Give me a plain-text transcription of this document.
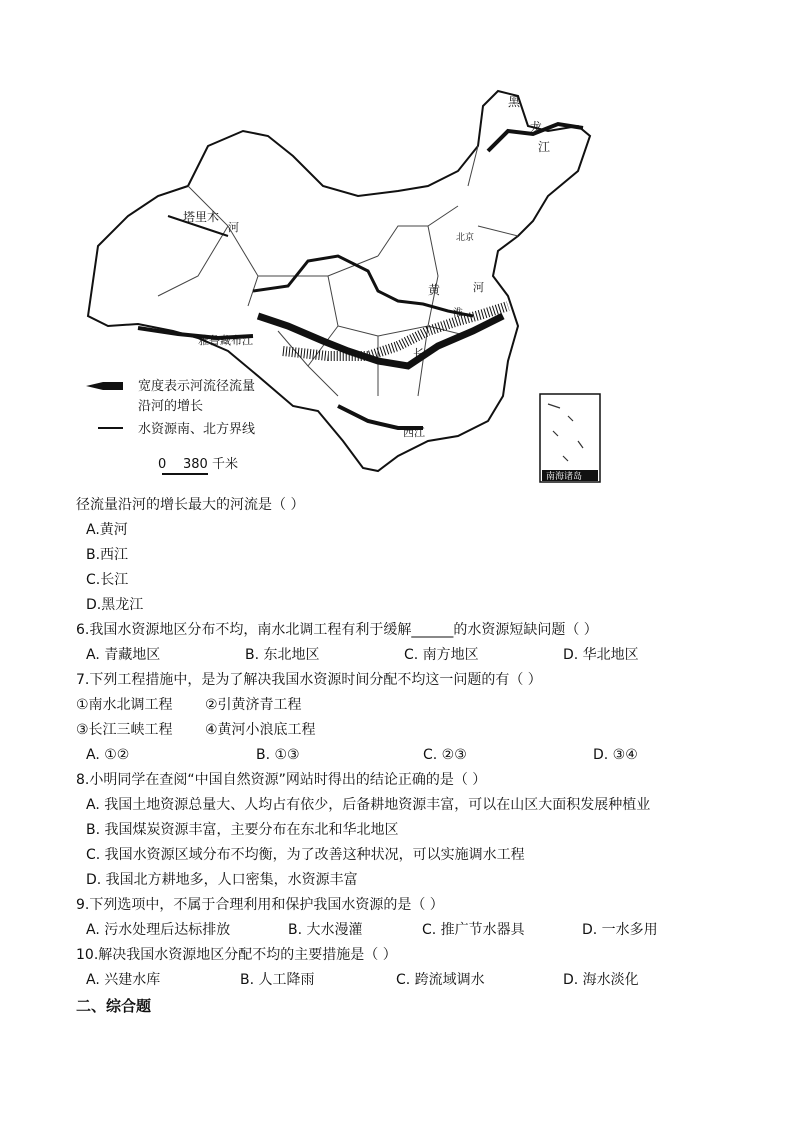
黑
龙
江
塔里木
河
雅鲁藏布江
黄	河
淮
长
西江
北京
宽度表示河流径流量
沿河的增长
水资源南、北方界线
0 380 千米
南海诸岛
径流量沿河的增长最大的河流是（ ）
A.黄河
B.西江
C.长江
D.黑龙江
6.我国水资源地区分布不均，南水北调工程有利于缓解______的水资源短缺问题（ ）
A. 青藏地区	B. 东北地区	C. 南方地区	D. 华北地区
7.下列工程措施中，是为了解决我国水资源时间分配不均这一问题的有（ ）
①南水北调工程 ②引黄济青工程
③长江三峡工程 ④黄河小浪底工程
A. ①②	B. ①③	C. ②③	D. ③④
8.小明同学在查阅“中国自然资源”网站时得出的结论正确的是（ ）
A. 我国土地资源总量大、人均占有依少，后备耕地资源丰富，可以在山区大面积发展种植业
B. 我国煤炭资源丰富，主要分布在东北和华北地区
C. 我国水资源区域分布不均衡，为了改善这种状况，可以实施调水工程
D. 我国北方耕地多，人口密集，水资源丰富
9.下列选项中，不属于合理利用和保护我国水资源的是（ ）
A. 污水处理后达标排放	B. 大水漫灌	C. 推广节水器具	D. 一水多用
10.解决我国水资源地区分配不均的主要措施是（ ）
A. 兴建水库	B. 人工降雨	C. 跨流域调水	D. 海水淡化
二、综合题
